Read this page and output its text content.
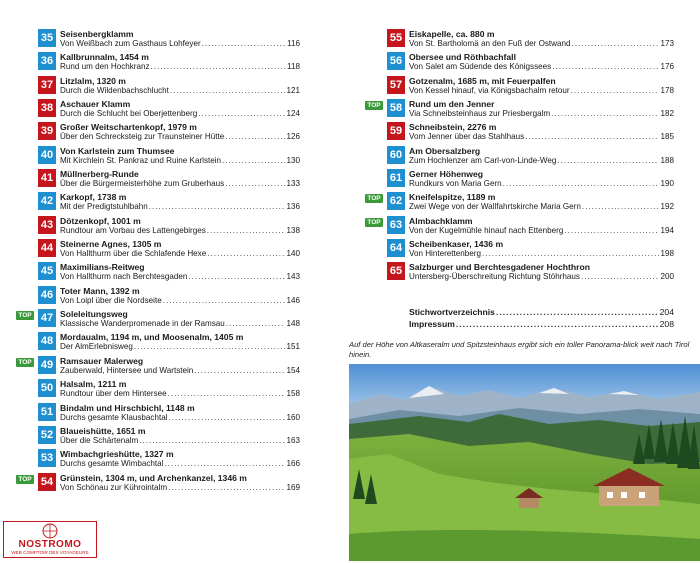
35 Seisenbergklamm
Von Weißbach zum Gasthaus Lohfeyer .....	116
36 Kallbrunnalm, 1454 m
Rund um den Hochkranz .....	118
37 Litzlalm, 1320 m
Durch die Wildenbachschlucht .....	121
38 Aschauer Klamm
Durch die Schlucht bei Oberjettenberg .....	124
39 Großer Weitschartenkopf, 1979 m
Über den Schrecksteig zur Traunsteiner Hütte .....	126
40 Von Karlstein zum Thumsee
Mit Kirchlein St. Pankraz und Ruine Karlstein .....	130
41 Müllnerberg-Runde
Über die Bürgermeisterhöhe zum Gruberhaus .....	133
42 Karkopf, 1738 m
Mit der Predigtstuhlbahn .....	136
43 Dötzenkopf, 1001 m
Rundtour am Vorbau des Lattengebirges .....	138
44 Steinerne Agnes, 1305 m
Von Hallthurm über die Schlafende Hexe .....	140
45 Maximilians-Reitweg
Von Hallthurm nach Berchtesgaden .....	143
46 Toter Mann, 1392 m
Von Loipl über die Nordseite .....	146
TOP 47 Soleleitungsweg
Klassische Wanderpromenade in der Ramsau .....	148
48 Mordaualm, 1194 m, und Moosenalm, 1405 m
Der AlmErlebnisweg .....	151
TOP 49 Ramsauer Malerweg
Zauberwald, Hintersee und Wartstein .....	154
50 Halsalm, 1211 m
Rundtour über dem Hintersee .....	158
51 Bindalm und Hirschbichl, 1148 m
Durchs gesamte Klausbachtal .....	160
52 Blaueishütte, 1651 m
Über die Schärtenalm .....	163
53 Wimbachgrieshütte, 1327 m
Durchs gesamte Wimbachtal .....	166
TOP 54 Grünstein, 1304 m, und Archenkanzel, 1346 m
Von Schönau zur Kührointalm .....	169
55 Eiskapelle, ca. 880 m
Von St. Bartholomä an den Fuß der Ostwand .....	173
56 Obersee und Röthbachfall
Von Salet am Südende des Königssees .....	176
57 Gotzenalm, 1685 m, mit Feuerpalfen
Von Kessel hinauf, via Königsbachalm retour .....	178
TOP 58 Rund um den Jenner
Via Schneibsteinhaus zur Priesbergalm .....	182
59 Schneibstein, 2276 m
Vom Jenner über das Stahlhaus .....	185
60 Am Obersalzberg
Zum Hochlenzer am Carl-von-Linde-Weg .....	188
61 Gerner Höhenweg
Rundkurs von Maria Gern .....	190
TOP 62 Kneifelspitze, 1189 m
Zwei Wege von der Wallfahrtskirche Maria Gern .....	192
TOP 63 Almbachklamm
Von der Kugelmühle hinauf nach Ettenberg .....	194
64 Scheibenkaser, 1436 m
Von Hinterettenberg .....	198
65 Salzburger und Berchtesgadener Hochthron
Untersberg-Überschreitung Richtung Stöhrhaus .....	200
Stichwortverzeichnis .....	204
Impressum .....	208
Auf der Höhe von Altkaseralm und Spitzsteinhaus ergibt sich ein toller Panorama-blick weit nach Tirol hinein.
NOSTROMO
WEB COMPTOIR DES VOYAGEURS
